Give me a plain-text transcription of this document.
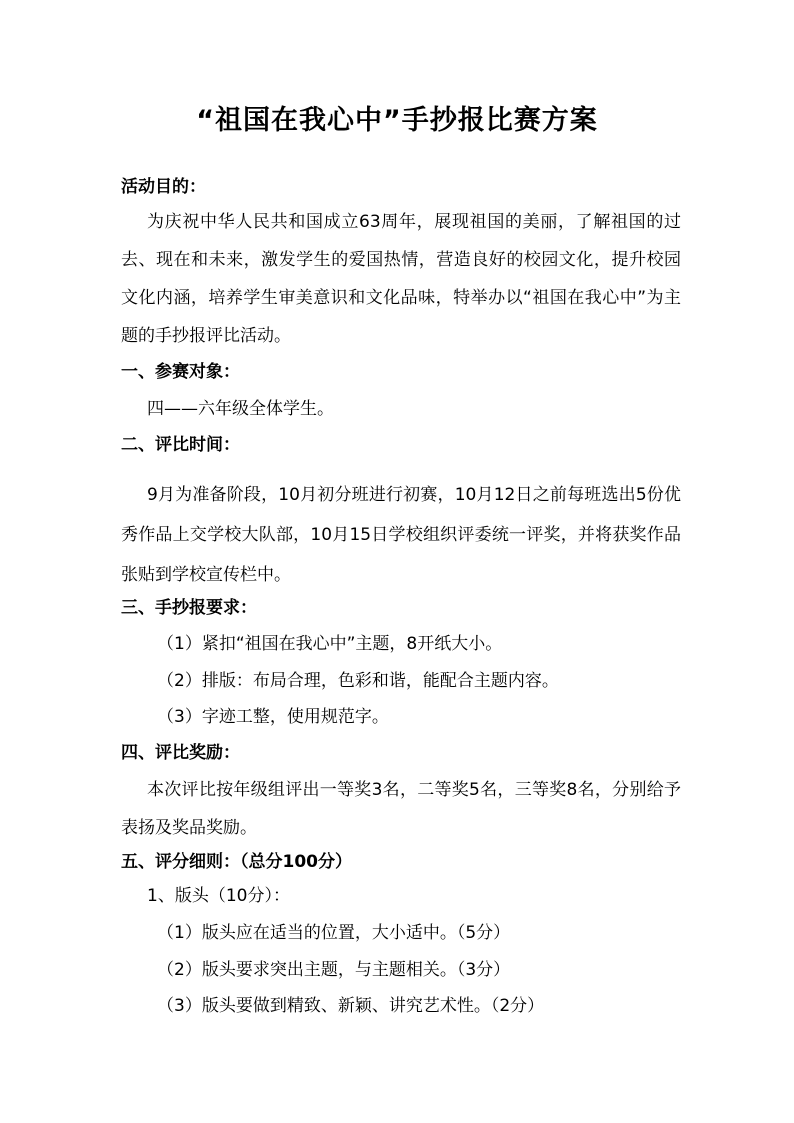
“祖国在我心中”手抄报比赛方案
活动目的：
为庆祝中华人民共和国成立63周年，展现祖国的美丽，了解祖国的过去、现在和未来，激发学生的爱国热情，营造良好的校园文化，提升校园文化内涵，培养学生审美意识和文化品味，特举办以“祖国在我心中”为主题的手抄报评比活动。
一、参赛对象：
四——六年级全体学生。
二、评比时间：
9月为准备阶段，10月初分班进行初赛，10月12日之前每班选出5份优秀作品上交学校大队部，10月15日学校组织评委统一评奖，并将获奖作品张贴到学校宣传栏中。
三、手抄报要求：
（1）紧扣“祖国在我心中”主题，8开纸大小。
（2）排版：布局合理，色彩和谐，能配合主题内容。
（3）字迹工整，使用规范字。
四、评比奖励：
本次评比按年级组评出一等奖3名，二等奖5名，三等奖8名，分别给予表扬及奖品奖励。
五、评分细则：（总分100分）
1、版头（10分）：
（1）版头应在适当的位置，大小适中。（5分）
（2）版头要求突出主题，与主题相关。（3分）
（3）版头要做到精致、新颖、讲究艺术性。（2分）
